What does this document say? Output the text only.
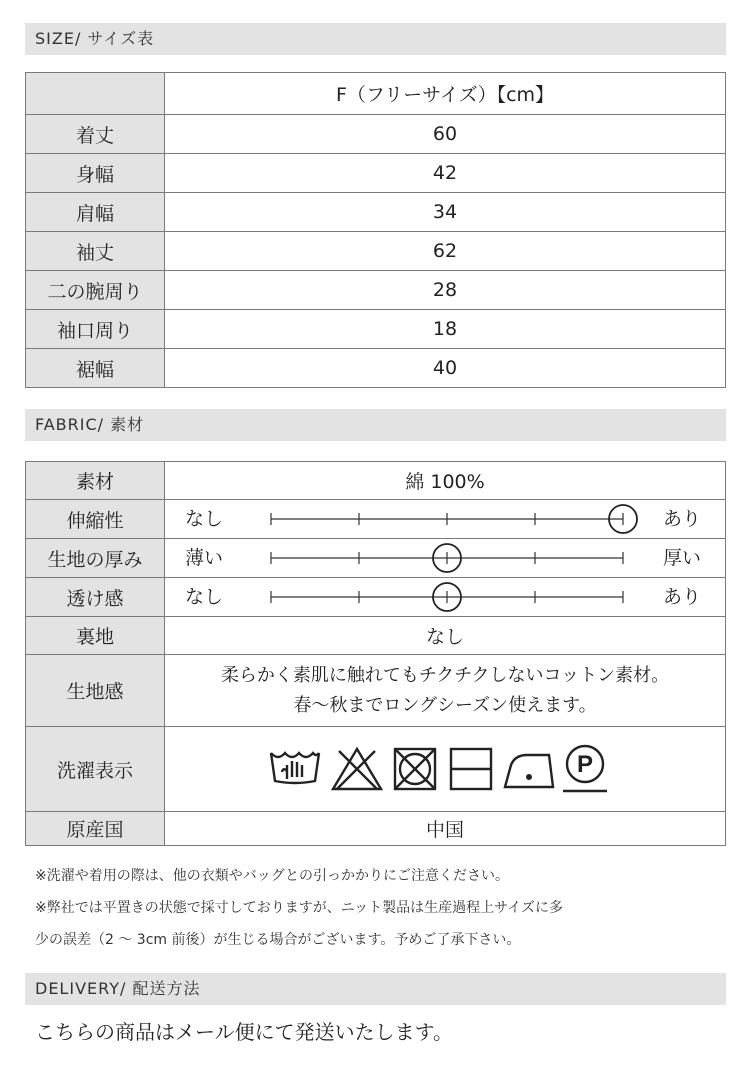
SIZE/ サイズ表
	F（フリーサイズ）【cm】
着丈	60
身幅	42
肩幅	34
袖丈	62
二の腕周り	28
袖口周り	18
裾幅	40
FABRIC/ 素材
素材	綿 100%
伸縮性	なし あり

生地の厚み	薄い 厚い

透け感	なし あり

裏地	なし
生地感	柔らかく素肌に触れてもチクチクしないコットン素材。
春〜秋までロングシーズン使えます。

洗濯表示	P

原産国	中国
※洗濯や着用の際は、他の衣類やバッグとの引っかかりにご注意ください。
※弊社では平置きの状態で採寸しておりますが、ニット製品は生産過程上サイズに多
少の誤差（2 〜 3cm 前後）が生じる場合がございます。予めご了承下さい。
DELIVERY/ 配送方法
こちらの商品はメール便にて発送いたします。
